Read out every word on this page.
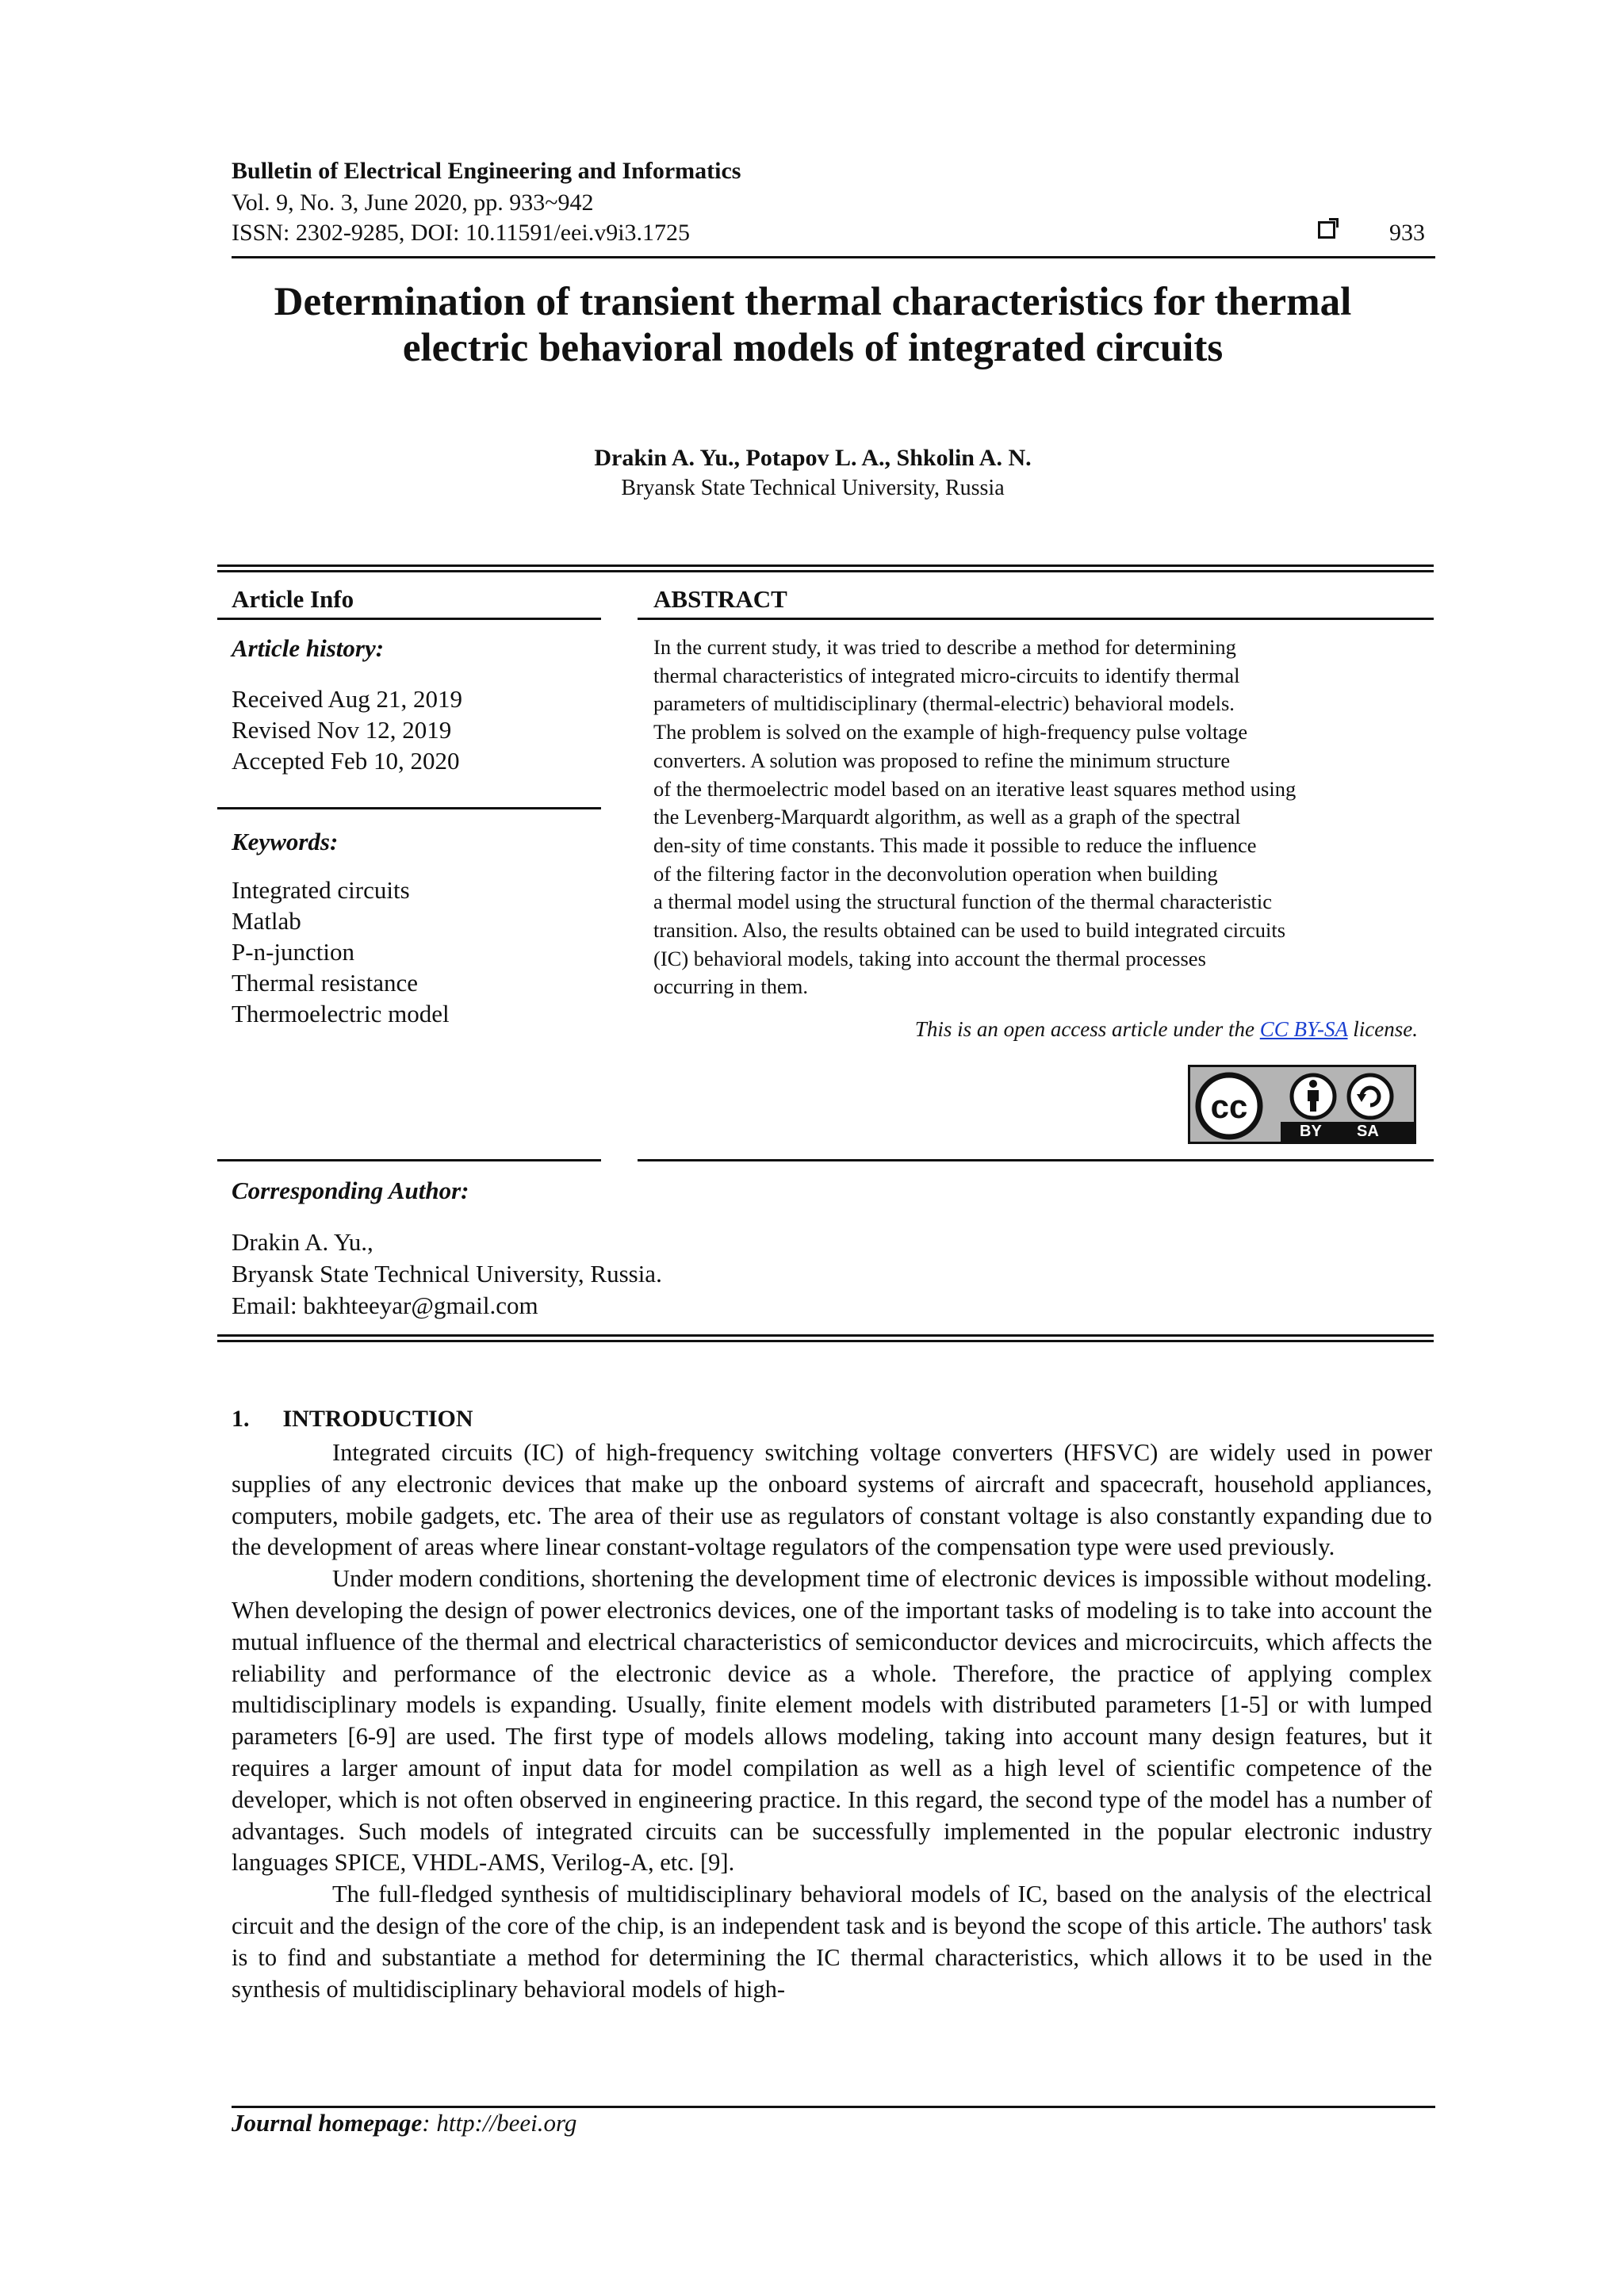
Bulletin of Electrical Engineering and Informatics
Vol. 9, No. 3, June 2020, pp. 933~942
ISSN: 2302-9285, DOI: 10.11591/eei.v9i3.1725	933
Determination of transient thermal characteristics for thermal
electric behavioral models of integrated circuits
Drakin A. Yu., Potapov L. A., Shkolin A. N.
Bryansk State Technical University, Russia
Article Info
Article history:
Received Aug 21, 2019
Revised Nov 12, 2019
Accepted Feb 10, 2020
Keywords:
Integrated circuits
Matlab
P-n-junction
Thermal resistance
Thermoelectric model
ABSTRACT
In the current study, it was tried to describe a method for determining
thermal characteristics of integrated micro-circuits to identify thermal
parameters of multidisciplinary (thermal-electric) behavioral models.
The problem is solved on the example of high-frequency pulse voltage
converters. A solution was proposed to refine the minimum structure
of the thermoelectric model based on an iterative least squares method using
the Levenberg-Marquardt algorithm, as well as a graph of the spectral
den-sity of time constants. This made it possible to reduce the influence
of the filtering factor in the deconvolution operation when building
a thermal model using the structural function of the thermal characteristic
transition. Also, the results obtained can be used to build integrated circuits
(IC) behavioral models, taking into account the thermal processes
occurring in them.
This is an open access article under the CC BY-SA license.
cc
BY SA
Corresponding Author:
Drakin A. Yu.,
Bryansk State Technical University, Russia.
Email: bakhteeyar@gmail.com
1. INTRODUCTION

Integrated circuits (IC) of high-frequency switching voltage converters (HFSVC) are widely used in power supplies of any electronic devices that make up the onboard systems of aircraft and spacecraft, household appliances, computers, mobile gadgets, etc. The area of their use as regulators of constant voltage is also constantly expanding due to the development of areas where linear constant-voltage regulators of the compensation type were used previously.

Under modern conditions, shortening the development time of electronic devices is impossible without modeling. When developing the design of power electronics devices, one of the important tasks of modeling is to take into account the mutual influence of the thermal and electrical characteristics of semiconductor devices and microcircuits, which affects the reliability and performance of the electronic device as a whole. Therefore, the practice of applying complex multidisciplinary models is expanding. Usually, finite element models with distributed parameters [1-5] or with lumped parameters [6-9] are used. The first type of models allows modeling, taking into account many design features, but it requires a larger amount of input data for model compilation as well as a high level of scientific competence of the developer, which is not often observed in engineering practice. In this regard, the second type of the model has a number of advantages. Such models of integrated circuits can be successfully implemented in the popular electronic industry languages SPICE, VHDL-AMS, Verilog-A, etc. [9].

The full-fledged synthesis of multidisciplinary behavioral models of IC, based on the analysis of the electrical circuit and the design of the core of the chip, is an independent task and is beyond the scope of this article. The authors' task is to find and substantiate a method for determining the IC thermal characteristics, which allows it to be used in the synthesis of multidisciplinary behavioral models of high-

Journal homepage: http://beei.org
